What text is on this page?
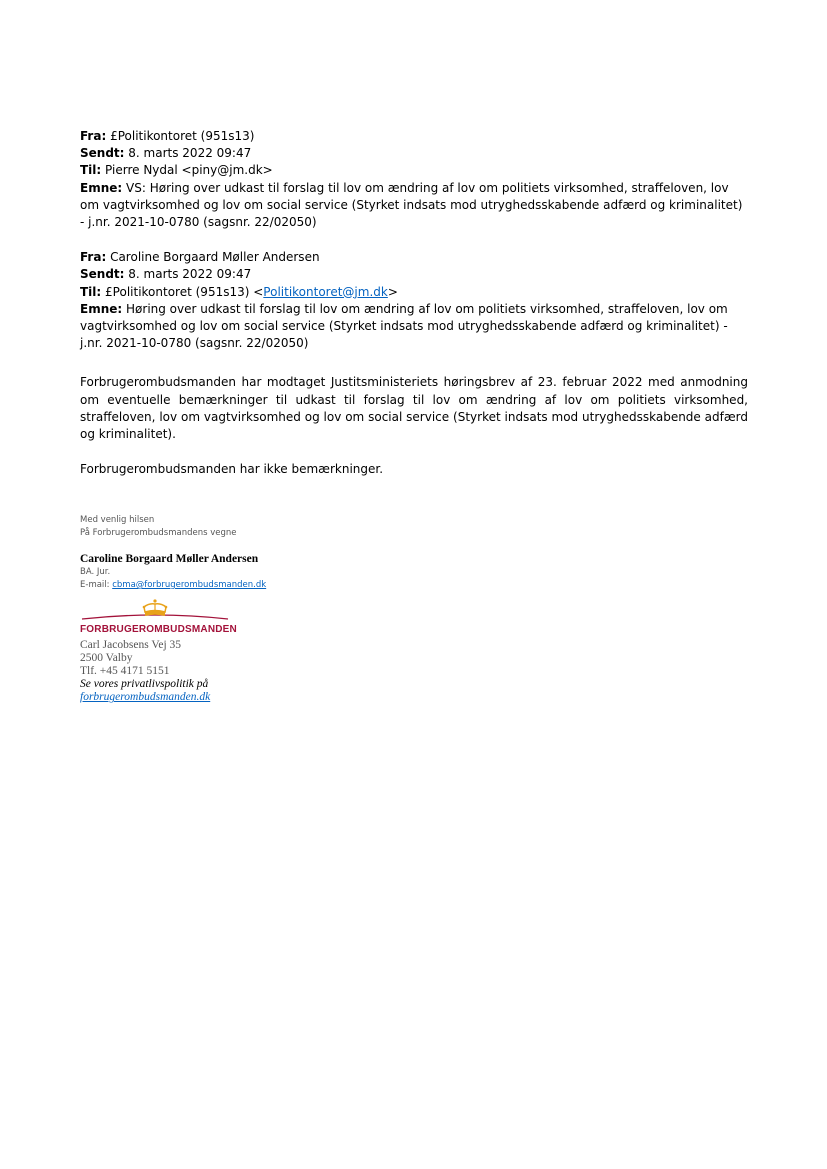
Fra: £Politikontoret (951s13)

Sendt: 8. marts 2022 09:47

Til: Pierre Nydal <piny@jm.dk>

Emne: VS: Høring over udkast til forslag til lov om ændring af lov om politiets virksomhed, straffeloven, lov om vagtvirksomhed og lov om social service (Styrket indsats mod utryghedsskabende adfærd og kriminalitet) - j.nr. 2021-10-0780 (sagsnr. 22/02050)

Fra: Caroline Borgaard Møller Andersen

Sendt: 8. marts 2022 09:47

Til: £Politikontoret (951s13) <Politikontoret@jm.dk>

Emne: Høring over udkast til forslag til lov om ændring af lov om politiets virksomhed, straffeloven, lov om vagtvirksomhed og lov om social service (Styrket indsats mod utryghedsskabende adfærd og kriminalitet) - j.nr. 2021-10-0780 (sagsnr. 22/02050)

Forbrugerombudsmanden har modtaget Justitsministeriets høringsbrev af 23. februar 2022 med anmodning om eventuelle bemærkninger til udkast til forslag til lov om ændring af lov om politiets virksomhed, straffeloven, lov om vagtvirksomhed og lov om social service (Styrket indsats mod utryghedsskabende adfærd og kriminalitet).

Forbrugerombudsmanden har ikke bemærkninger.

Med venlig hilsen

På Forbrugerombudsmandens vegne

Caroline Borgaard Møller Andersen

BA. Jur.

E-mail: cbma@forbrugerombudsmanden.dk

FORBRUGEROMBUDSMANDEN

Carl Jacobsens Vej 35

2500 Valby

Tlf. +45 4171 5151

Se vores privatlivspolitik på

forbrugerombudsmanden.dk
